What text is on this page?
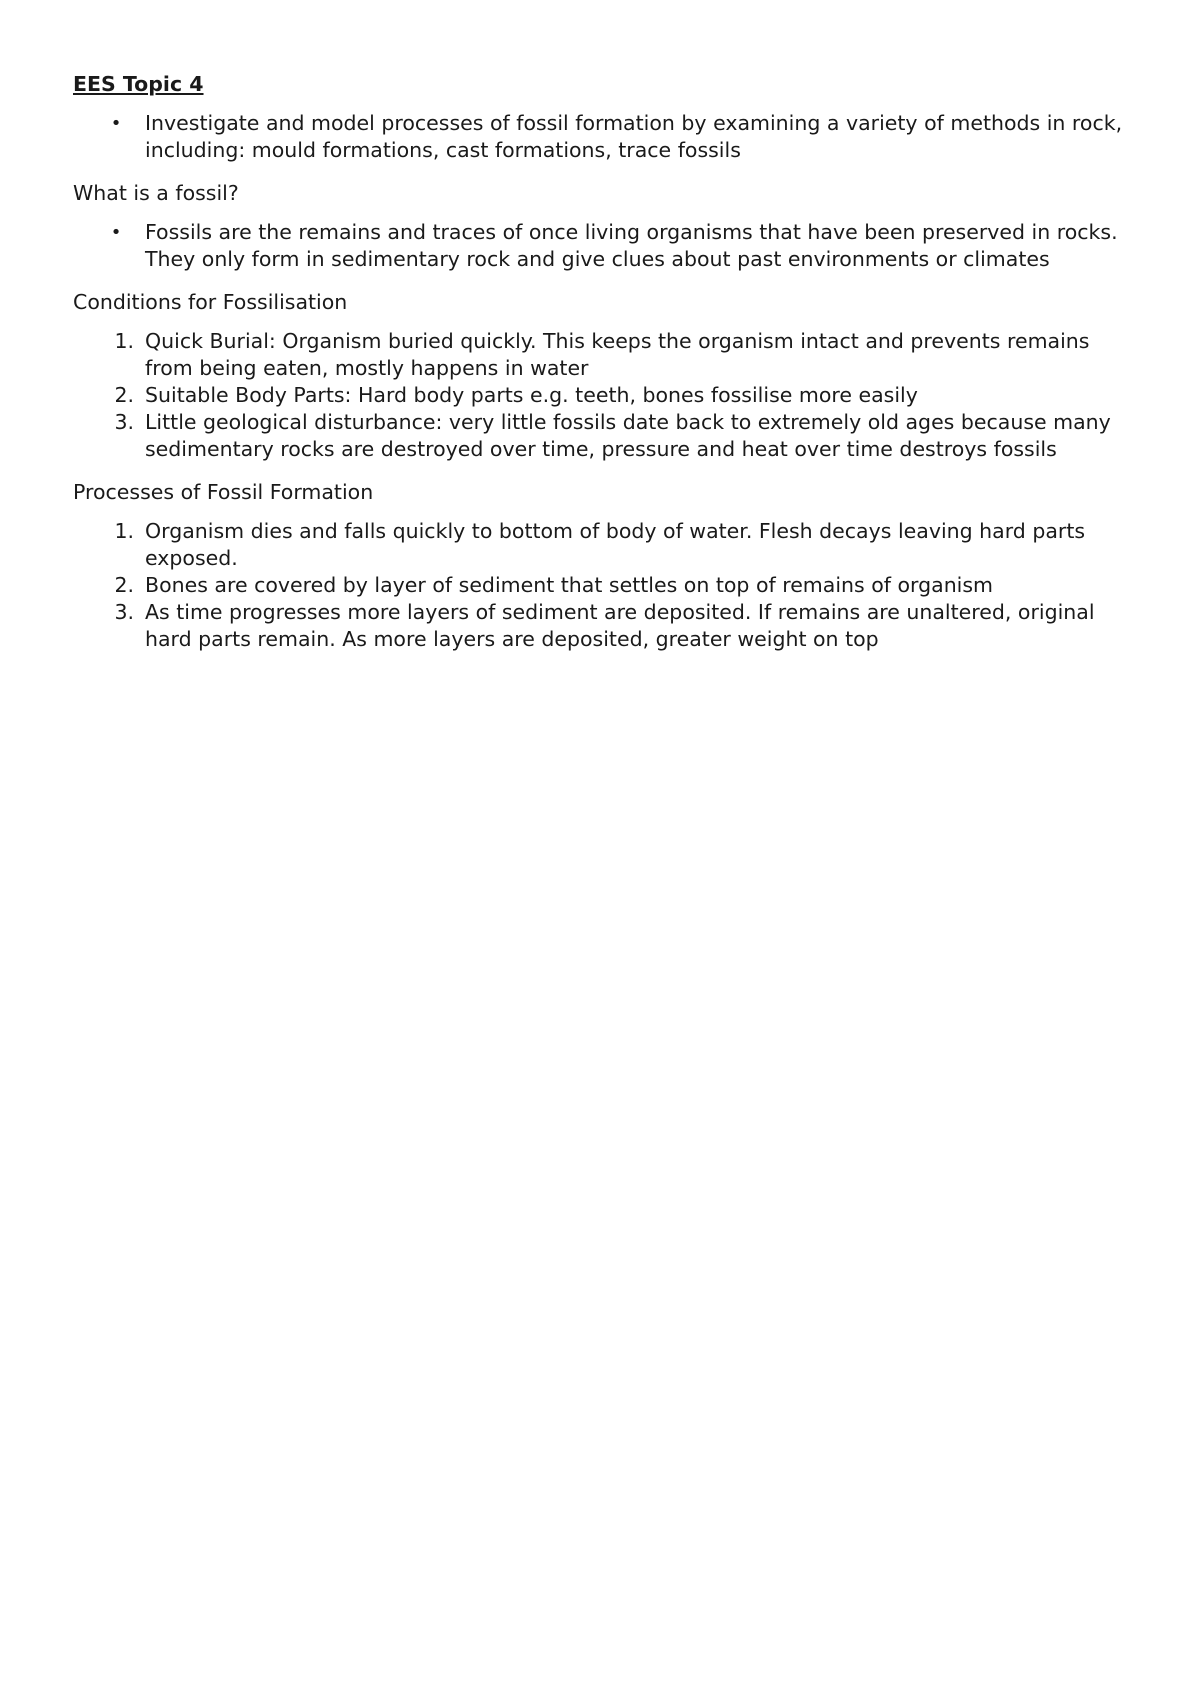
EES Topic 4
• Investigate and model processes of fossil formation by examining a variety of methods in rock, including: mould formations, cast formations, trace fossils
What is a fossil?
• Fossils are the remains and traces of once living organisms that have been preserved in rocks. They only form in sedimentary rock and give clues about past environments or climates
Conditions for Fossilisation
1. Quick Burial: Organism buried quickly. This keeps the organism intact and prevents remains from being eaten, mostly happens in water
2. Suitable Body Parts: Hard body parts e.g. teeth, bones fossilise more easily
3. Little geological disturbance: very little fossils date back to extremely old ages because many sedimentary rocks are destroyed over time, pressure and heat over time destroys fossils
Processes of Fossil Formation
1. Organism dies and falls quickly to bottom of body of water. Flesh decays leaving hard parts exposed.
2. Bones are covered by layer of sediment that settles on top of remains of organism
3. As time progresses more layers of sediment are deposited. If remains are unaltered, original hard parts remain. As more layers are deposited, greater weight on top
